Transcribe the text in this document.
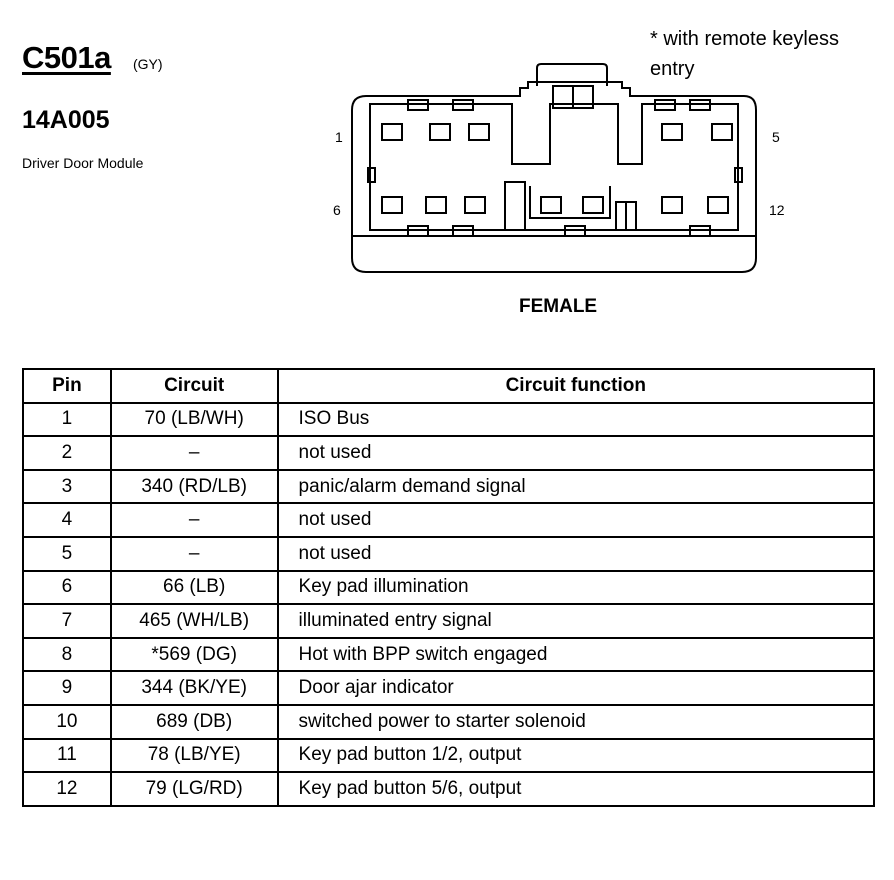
C501a (GY)
14A005
Driver Door Module
* with remote keyless entry
1	5
6	12
FEMALE
Pin	Circuit	Circuit function
1	70 (LB/WH)	ISO Bus
2	–	not used
3	340 (RD/LB)	panic/alarm demand signal
4	–	not used
5	–	not used
6	66 (LB)	Key pad illumination
7	465 (WH/LB)	illuminated entry signal
8	*569 (DG)	Hot with BPP switch engaged
9	344 (BK/YE)	Door ajar indicator
10	689 (DB)	switched power to starter solenoid
11	78 (LB/YE)	Key pad button 1/2, output
12	79 (LG/RD)	Key pad button 5/6, output
